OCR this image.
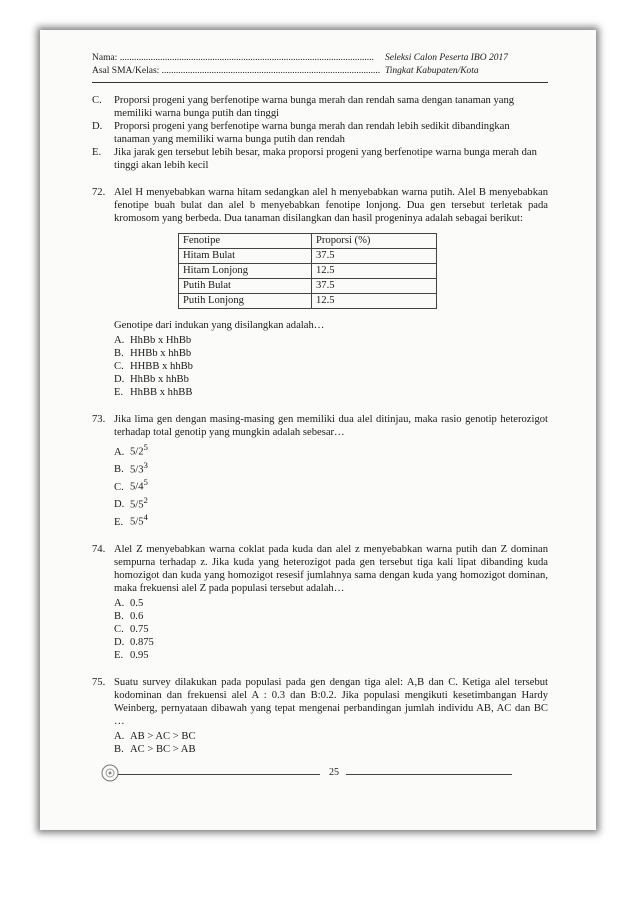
Nama: ...........................................................................................................
Asal SMA/Kelas: ............................................................................................
Seleksi Calon Peserta IBO 2017
Tingkat Kabupaten/Kota

C. Proporsi progeni yang berfenotipe warna bunga merah dan rendah sama dengan tanaman yang memiliki warna bunga putih dan tinggi

D. Proporsi progeni yang berfenotipe warna bunga merah dan rendah lebih sedikit dibandingkan tanaman yang memiliki warna bunga putih dan rendah

E. Jika jarak gen tersebut lebih besar, maka proporsi progeni yang berfenotipe warna bunga merah dan tinggi akan lebih kecil

72. Alel H menyebabkan warna hitam sedangkan alel h menyebabkan warna putih. Alel B menyebabkan fenotipe buah bulat dan alel b menyebabkan fenotipe lonjong. Dua gen tersebut terletak pada kromosom yang berbeda. Dua tanaman disilangkan dan hasil progeninya adalah sebagai berikut:

Fenotipe	Proporsi (%)
Hitam Bulat	37.5
Hitam Lonjong	12.5
Putih Bulat	37.5
Putih Lonjong	12.5

Genotipe dari indukan yang disilangkan adalah…

A. HhBb x HhBb

B. HHBb x hhBb

C. HHBB x hhBb

D. HhBb x hhBb

E. HhBB x hhBB

73. Jika lima gen dengan masing-masing gen memiliki dua alel ditinjau, maka rasio genotip heterozigot terhadap total genotip yang mungkin adalah sebesar…

A. $5/2^5$

B. $5/3^3$

C. $5/4^5$

D. $5/5^2$

E. $5/5^4$

74. Alel Z menyebabkan warna coklat pada kuda dan alel z menyebabkan warna putih dan Z dominan sempurna terhadap z. Jika kuda yang heterozigot pada gen tersebut tiga kali lipat dibanding kuda homozigot dan kuda yang homozigot resesif jumlahnya sama dengan kuda yang homozigot dominan, maka frekuensi alel Z pada populasi tersebut adalah…

A. 0.5

B. 0.6

C. 0.75

D. 0.875

E. 0.95

75. Suatu survey dilakukan pada populasi pada gen dengan tiga alel: A,B dan C. Ketiga alel tersebut kodominan dan frekuensi alel A : 0.3 dan B:0.2. Jika populasi mengikuti kesetimbangan Hardy Weinberg, pernyataan dibawah yang tepat mengenai perbandingan jumlah individu AB, AC dan BC …

A. AB > AC > BC

B. AC > BC > AB

25
